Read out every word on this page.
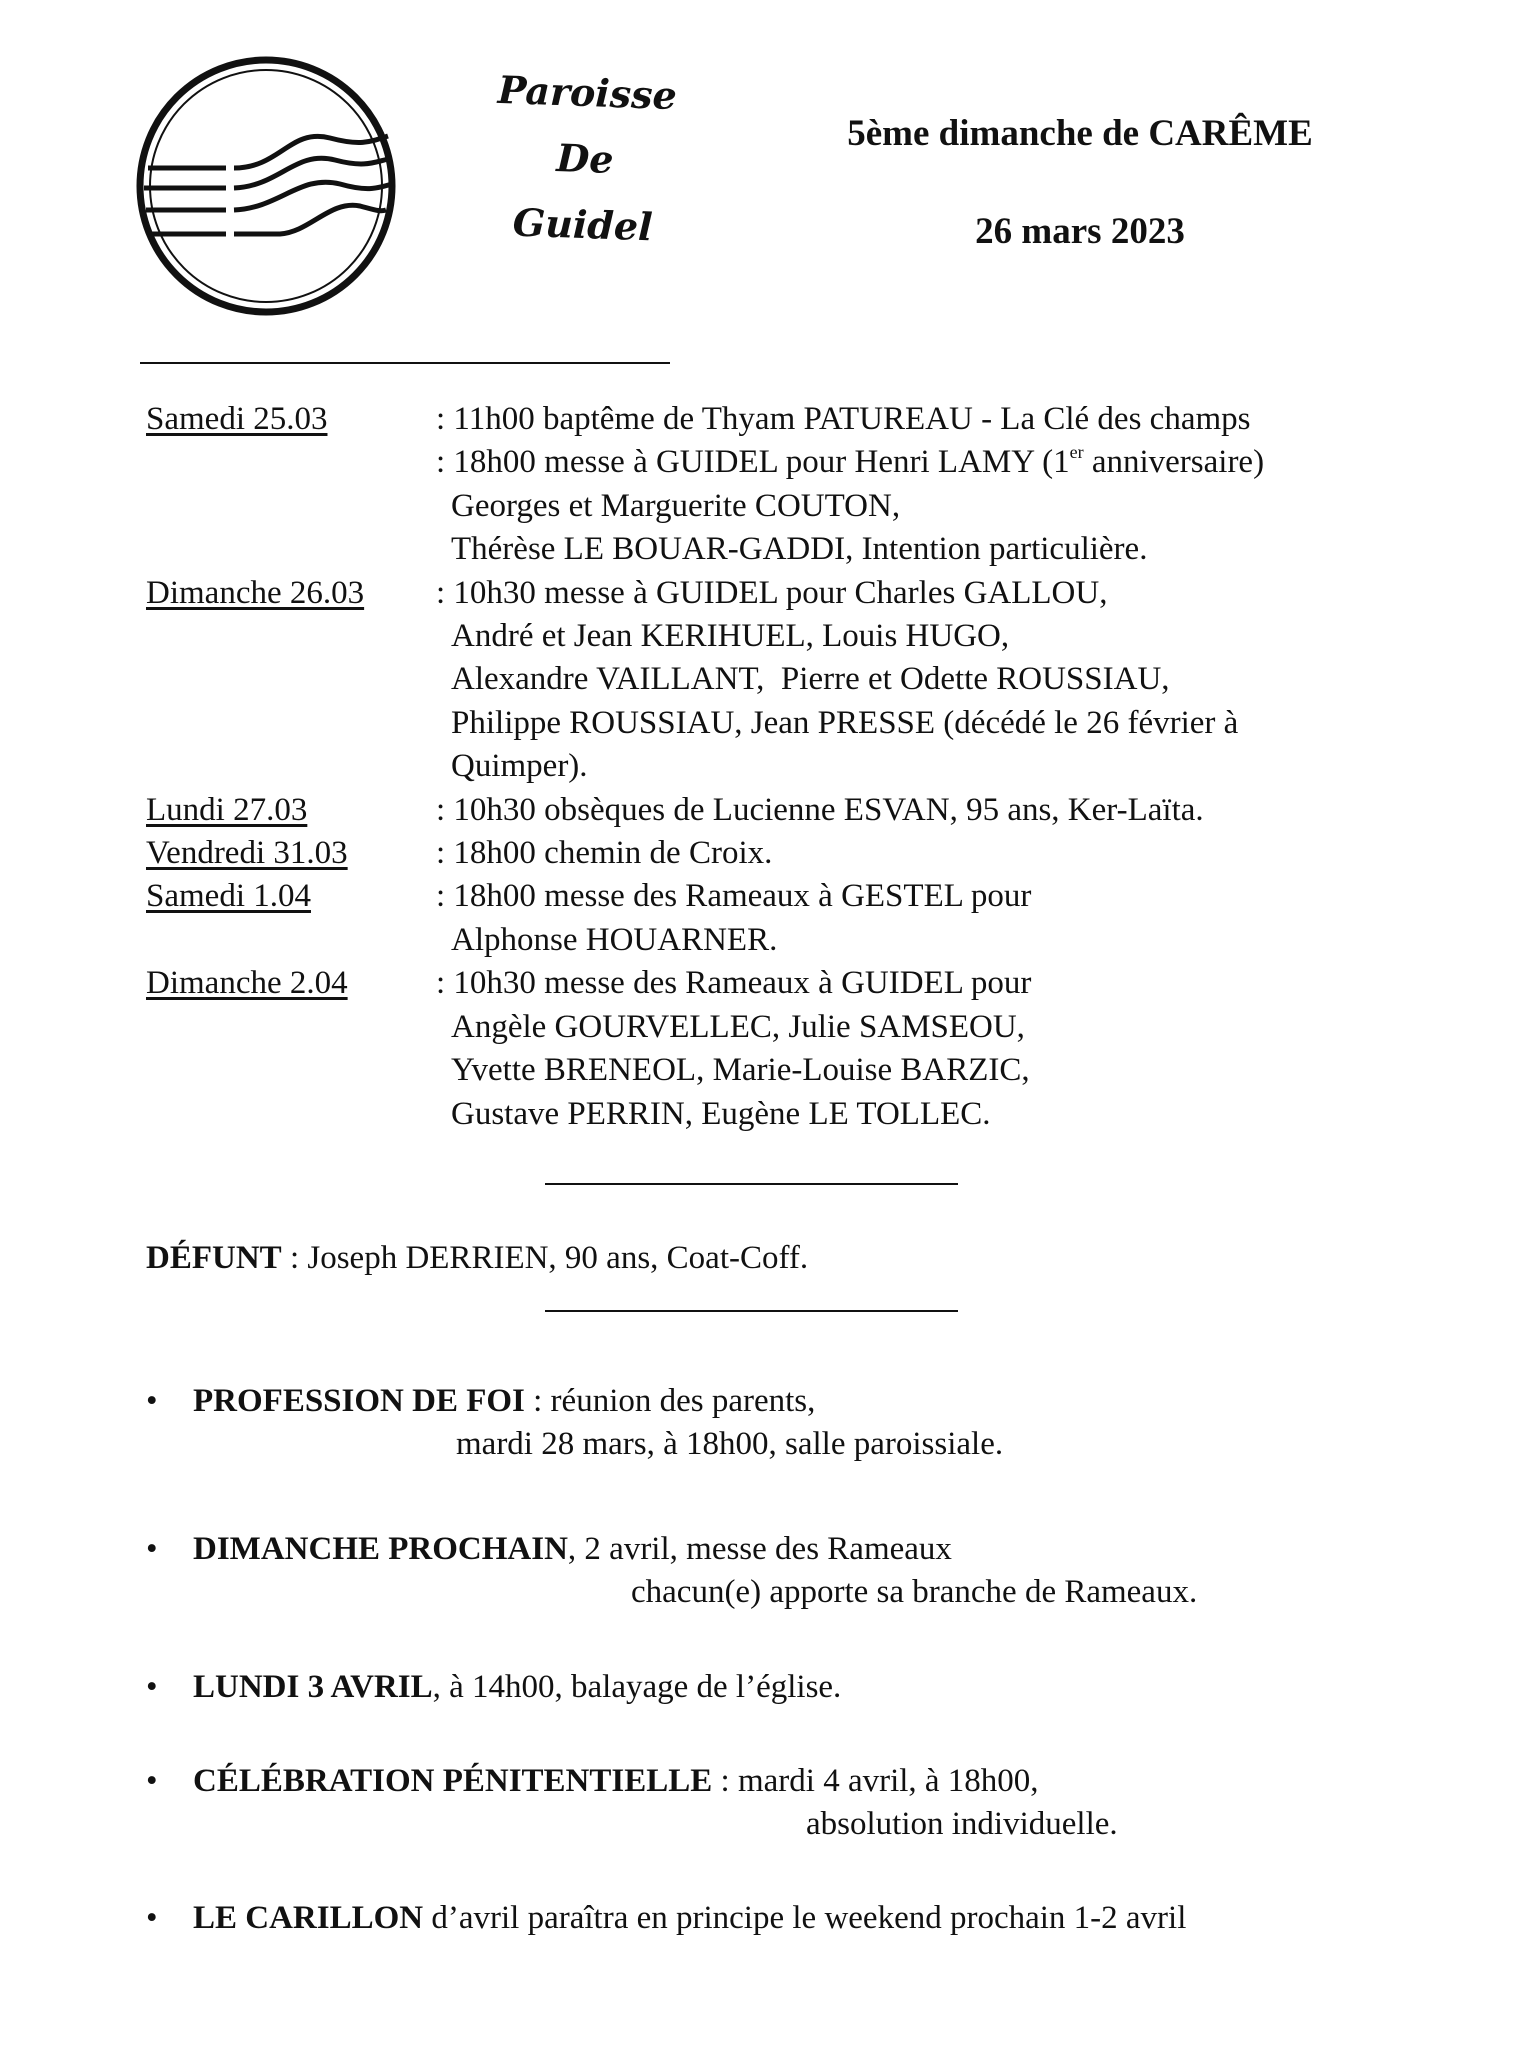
Paroisse
De
Guidel
5ème dimanche de CARÊME
26 mars 2023
Samedi 25.03	: 11h00 baptême de Thyam PATUREAU - La Clé des champs
: 18h00 messe à GUIDEL pour Henri LAMY (1er anniversaire)
Georges et Marguerite COUTON,
Thérèse LE BOUAR-GADDI, Intention particulière.
Dimanche 26.03	: 10h30 messe à GUIDEL pour Charles GALLOU,
André et Jean KERIHUEL, Louis HUGO,
Alexandre VAILLANT,  Pierre et Odette ROUSSIAU,
Philippe ROUSSIAU, Jean PRESSE (décédé le 26 février à
Quimper).
Lundi 27.03	: 10h30 obsèques de Lucienne ESVAN, 95 ans, Ker-Laïta.
Vendredi 31.03	: 18h00 chemin de Croix.
Samedi 1.04	: 18h00 messe des Rameaux à GESTEL pour
Alphonse HOUARNER.
Dimanche 2.04	: 10h30 messe des Rameaux à GUIDEL pour
Angèle GOURVELLEC, Julie SAMSEOU,
Yvette BRENEOL, Marie-Louise BARZIC,
Gustave PERRIN, Eugène LE TOLLEC.
DÉFUNT : Joseph DERRIEN, 90 ans, Coat-Coff.
• PROFESSION DE FOI : réunion des parents,
mardi 28 mars, à 18h00, salle paroissiale.
• DIMANCHE PROCHAIN, 2 avril, messe des Rameaux
chacun(e) apporte sa branche de Rameaux.
• LUNDI 3 AVRIL, à 14h00, balayage de l’église.
• CÉLÉBRATION PÉNITENTIELLE : mardi 4 avril, à 18h00,
absolution individuelle.
• LE CARILLON d’avril paraîtra en principe le weekend prochain 1-2 avril
